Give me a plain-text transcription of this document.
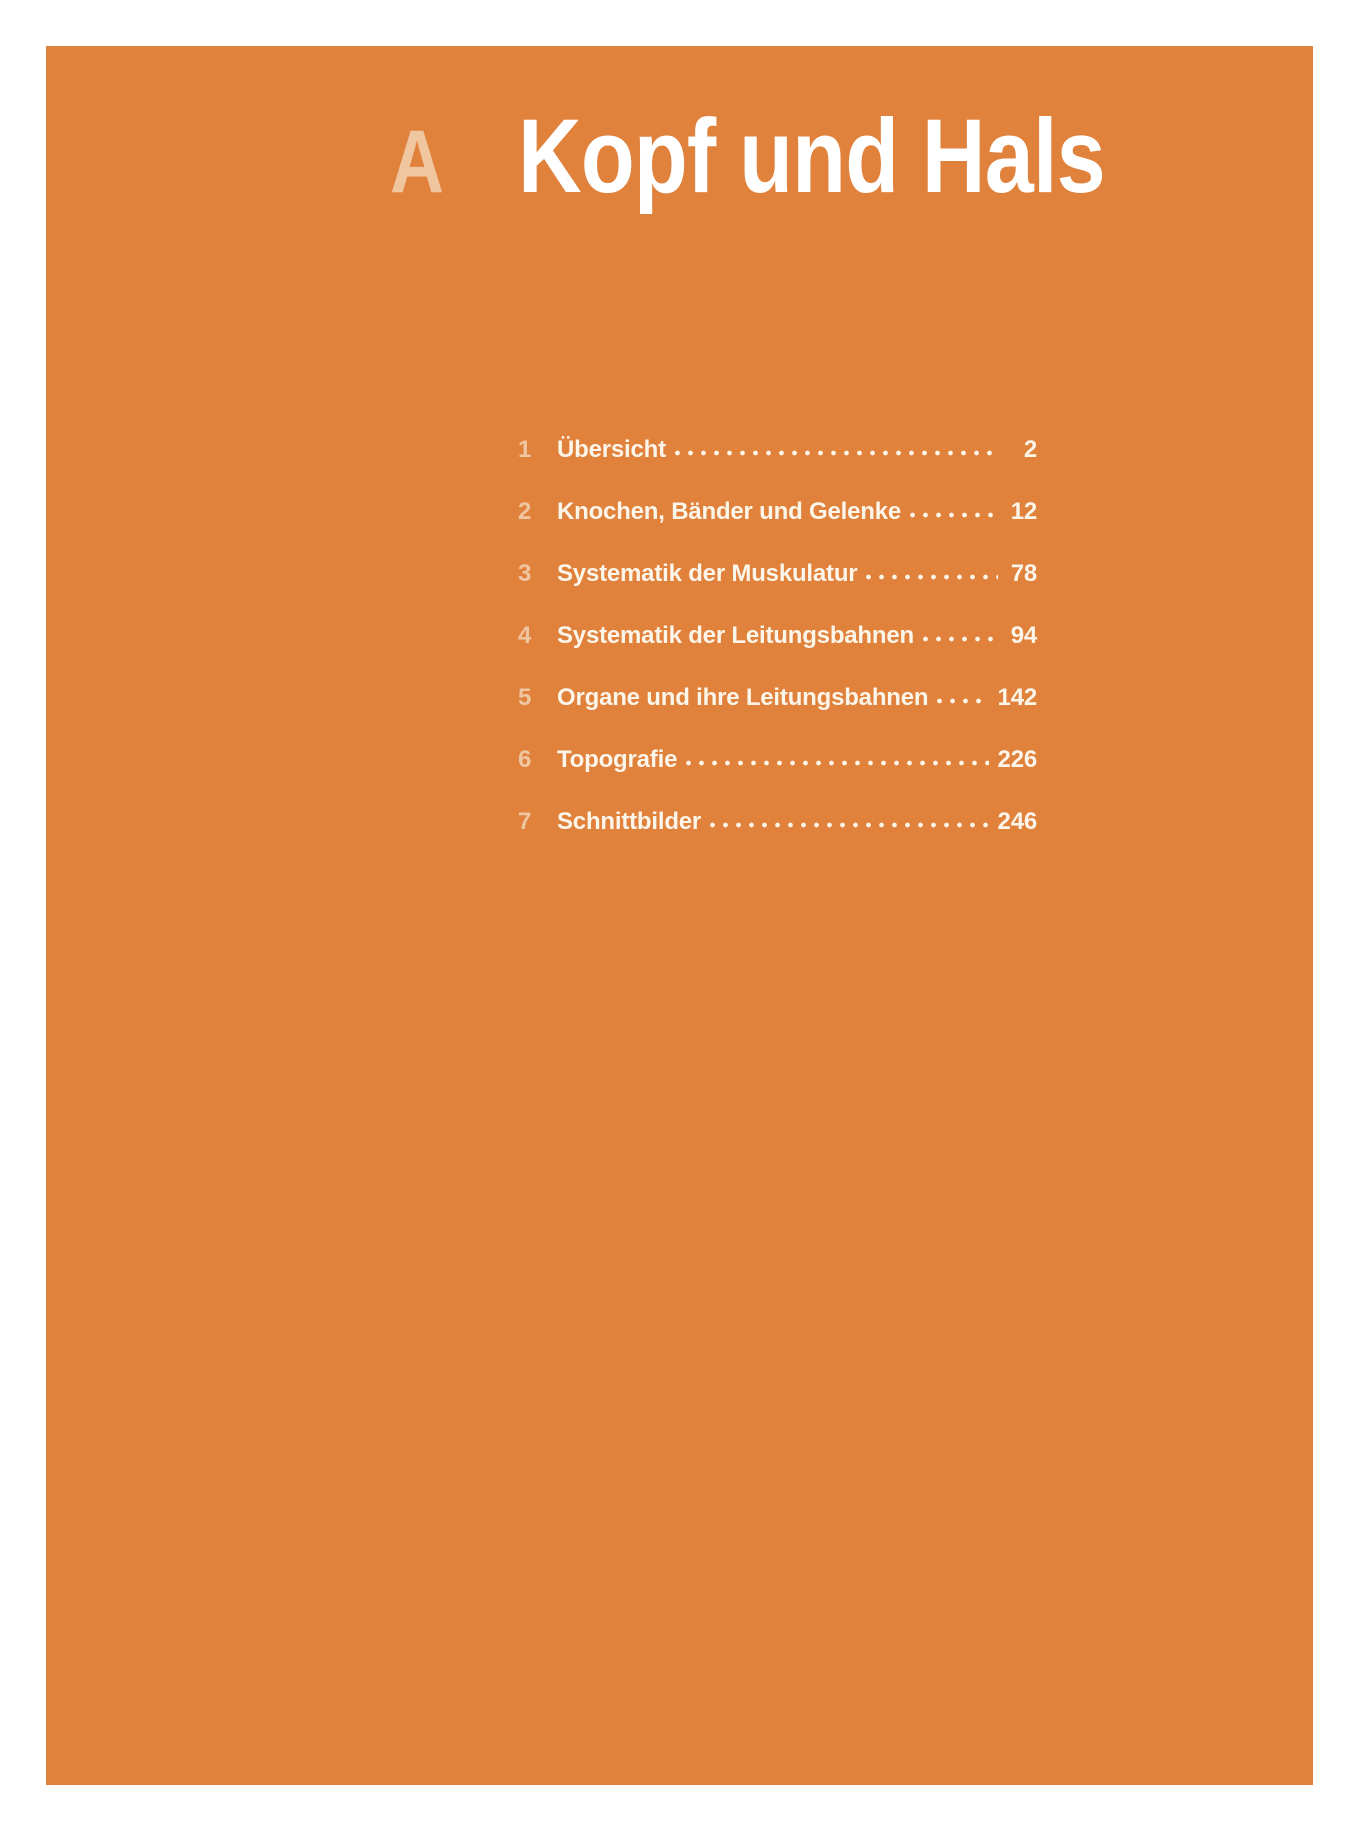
A Kopf und Hals
1	Übersicht	2
2	Knochen, Bänder und Gelenke	12
3	Systematik der Muskulatur	78
4	Systematik der Leitungsbahnen	94
5	Organe und ihre Leitungsbahnen	142
6	Topografie	226
7	Schnittbilder	246
